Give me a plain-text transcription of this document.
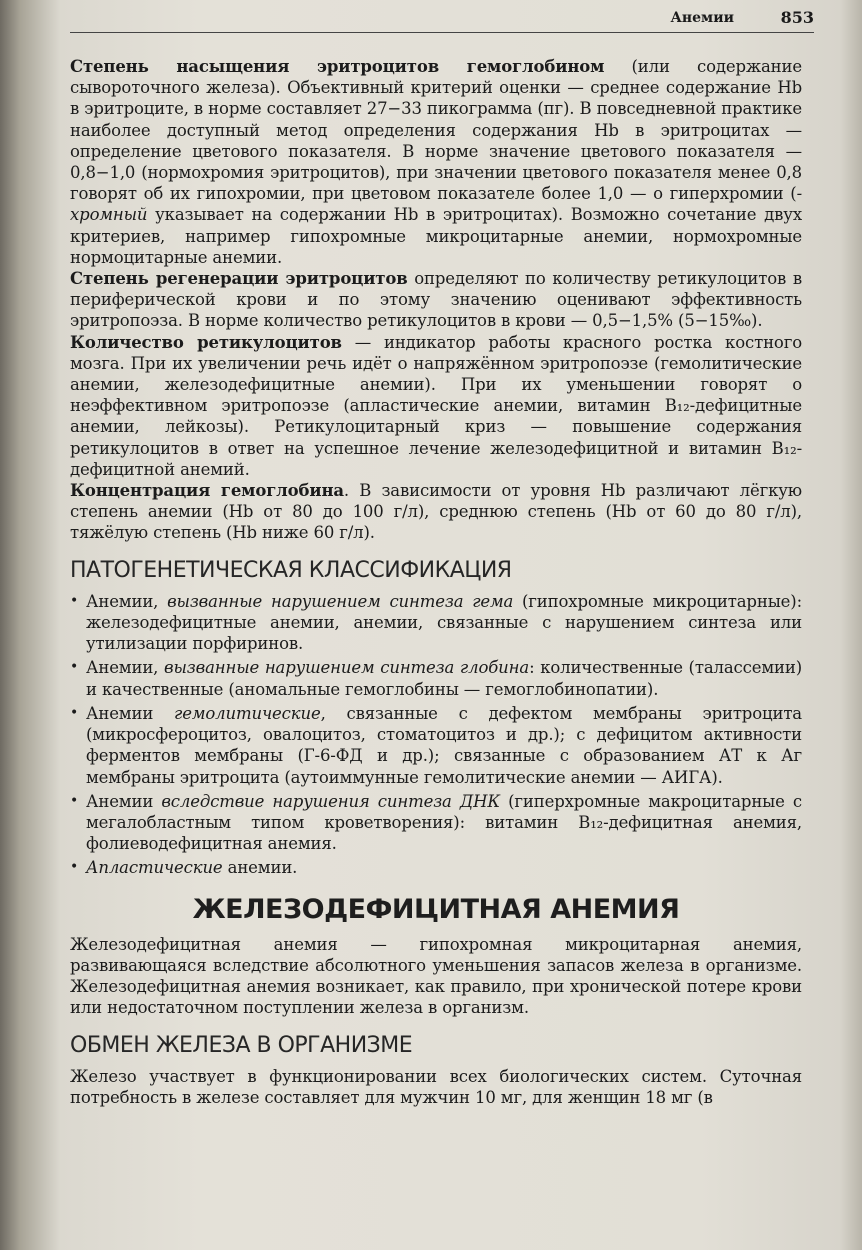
Анемии	853

Степень насыщения эритроцитов гемоглобином (или содержание сывороточного железа). Объективный критерий оценки — среднее содержание Hb в эритроците, в норме составляет 27−33 пикограмма (пг). В повседневной практике наиболее доступный метод определения содержания Hb в эритроцитах — определение цветового показателя. В норме значение цветового показателя — 0,8−1,0 (нормохромия эритроцитов), при значении цветового показателя менее 0,8 говорят об их гипохромии, при цветовом показателе более 1,0 — о гиперхромии (-хромный указывает на содержании Hb в эритроцитах). Возможно сочетание двух критериев, например гипохромные микроцитарные анемии, нормохромные нормоцитарные анемии.

Степень регенерации эритроцитов определяют по количеству ретикулоцитов в периферической крови и по этому значению оценивают эффективность эритропоэза. В норме количество ретикулоцитов в крови — 0,5−1,5% (5−15‰).

Количество ретикулоцитов — индикатор работы красного ростка костного мозга. При их увеличении речь идёт о напряжённом эритропоэзе (гемолитические анемии, железодефицитные анемии). При их уменьшении говорят о неэффективном эритропоэзе (апластические анемии, витамин B₁₂-дефицитные анемии, лейкозы). Ретикулоцитарный криз — повышение содержания ретикулоцитов в ответ на успешное лечение железодефицитной и витамин B₁₂-дефицитной анемий.

Концентрация гемоглобина. В зависимости от уровня Hb различают лёгкую степень анемии (Hb от 80 до 100 г/л), среднюю степень (Hb от 60 до 80 г/л), тяжёлую степень (Hb ниже 60 г/л).

ПАТОГЕНЕТИЧЕСКАЯ КЛАССИФИКАЦИЯ
• Анемии, вызванные нарушением синтеза гема (гипохромные микроцитарные): железодефицитные анемии, анемии, связанные с нарушением синтеза или утилизации порфиринов.
• Анемии, вызванные нарушением синтеза глобина: количественные (талассемии) и качественные (аномальные гемоглобины — гемоглобинопатии).
• Анемии гемолитические, связанные с дефектом мембраны эритроцита (микросфероцитоз, овалоцитоз, стоматоцитоз и др.); с дефицитом активности ферментов мембраны (Г-6-ФД и др.); связанные с образованием АТ к Аг мембраны эритроцита (аутоиммунные гемолитические анемии — АИГА).
• Анемии вследствие нарушения синтеза ДНК (гиперхромные макроцитарные с мегалобластным типом кроветворения): витамин B₁₂-дефицитная анемия, фолиеводефицитная анемия.
• Апластические анемии.
ЖЕЛЕЗОДЕФИЦИТНАЯ АНЕМИЯ

Железодефицитная анемия — гипохромная микроцитарная анемия, развивающаяся вследствие абсолютного уменьшения запасов железа в организме. Железодефицитная анемия возникает, как правило, при хронической потере крови или недостаточном поступлении железа в организм.

ОБМЕН ЖЕЛЕЗА В ОРГАНИЗМЕ

Железо участвует в функционировании всех биологических систем. Суточная потребность в железе составляет для мужчин 10 мг, для женщин 18 мг (в
